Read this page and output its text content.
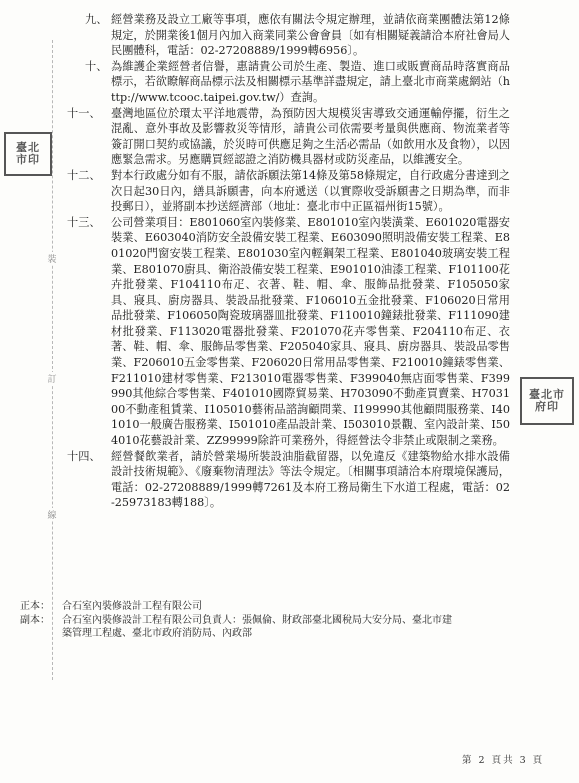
裝
訂
線
臺北
市印
臺北市
府印
九、 經營業務及設立工廠等事項，應依有關法令規定辦理，並請依商業團體法第12條規定，於開業後1個月內加入商業同業公會會員〔如有相關疑義請洽本府社會局人民團體科，電話：02-27208889/1999轉6956〕。
十、 為維護企業經營者信譽，惠請貴公司於生產、製造、進口或販賣商品時落實商品標示，若欲瞭解商品標示法及相關標示基準詳盡規定，請上臺北市商業處網站（http://www.tcooc.taipei.gov.tw/）查詢。
十一、 臺灣地區位於環太平洋地震帶，為預防因大規模災害導致交通運輸停擺，衍生之混亂、意外事故及影響救災等情形，請貴公司依需要考量與供應商、物流業者等簽訂開口契約或協議，於災時可供應足夠之生活必需品（如飲用水及食物），以因應緊急需求。另應購買經認證之消防機具器材或防災產品，以維護安全。
十二、 對本行政處分如有不服，請依訴願法第14條及第58條規定，自行政處分書達到之次日起30日內，繕具訴願書，向本府遞送（以實際收受訴願書之日期為準，而非投郵日），並將副本抄送經濟部（地址：臺北市中正區福州街15號）。
十三、 公司營業項目：E801060室內裝修業、E801010室內裝潢業、E601020電器安裝業、E603040消防安全設備安裝工程業、E603090照明設備安裝工程業、E801020門窗安裝工程業、E801030室內輕鋼架工程業、E801040玻璃安裝工程業、E801070廚具、衛浴設備安裝工程業、E901010油漆工程業、F101100花卉批發業、F104110布疋、衣著、鞋、帽、傘、服飾品批發業、F105050家具、寢具、廚房器具、裝設品批發業、F106010五金批發業、F106020日常用品批發業、F106050陶瓷玻璃器皿批發業、F110010鐘錶批發業、F111090建材批發業、F113020電器批發業、F201070花卉零售業、F204110布疋、衣著、鞋、帽、傘、服飾品零售業、F205040家具、寢具、廚房器具、裝設品零售業、F206010五金零售業、F206020日常用品零售業、F210010鐘錶零售業、F211010建材零售業、F213010電器零售業、F399040無店面零售業、F399990其他綜合零售業、F401010國際貿易業、H703090不動產買賣業、H703100不動產租賃業、I105010藝術品諮詢顧問業、I199990其他顧問服務業、I401010一般廣告服務業、I501010產品設計業、I503010景觀、室內設計業、I504010花藝設計業、ZZ99999除許可業務外，得經營法令非禁止或限制之業務。
十四、 經營餐飲業者，請於營業場所裝設油脂截留器，以免違反《建築物給水排水設備設計技術規範》、《廢棄物清理法》等法令規定。〔相關事項請洽本府環境保護局，電話：02-27208889/1999轉7261及本府工務局衛生下水道工程處，電話：02-25973183轉188〕。
正本：	合石室內裝修設計工程有限公司
副本：	合石室內裝修設計工程有限公司負責人：張佩倫、財政部臺北國稅局大安分局、臺北市建築管理工程處、臺北市政府消防局、內政部
第 2 頁共 3 頁
